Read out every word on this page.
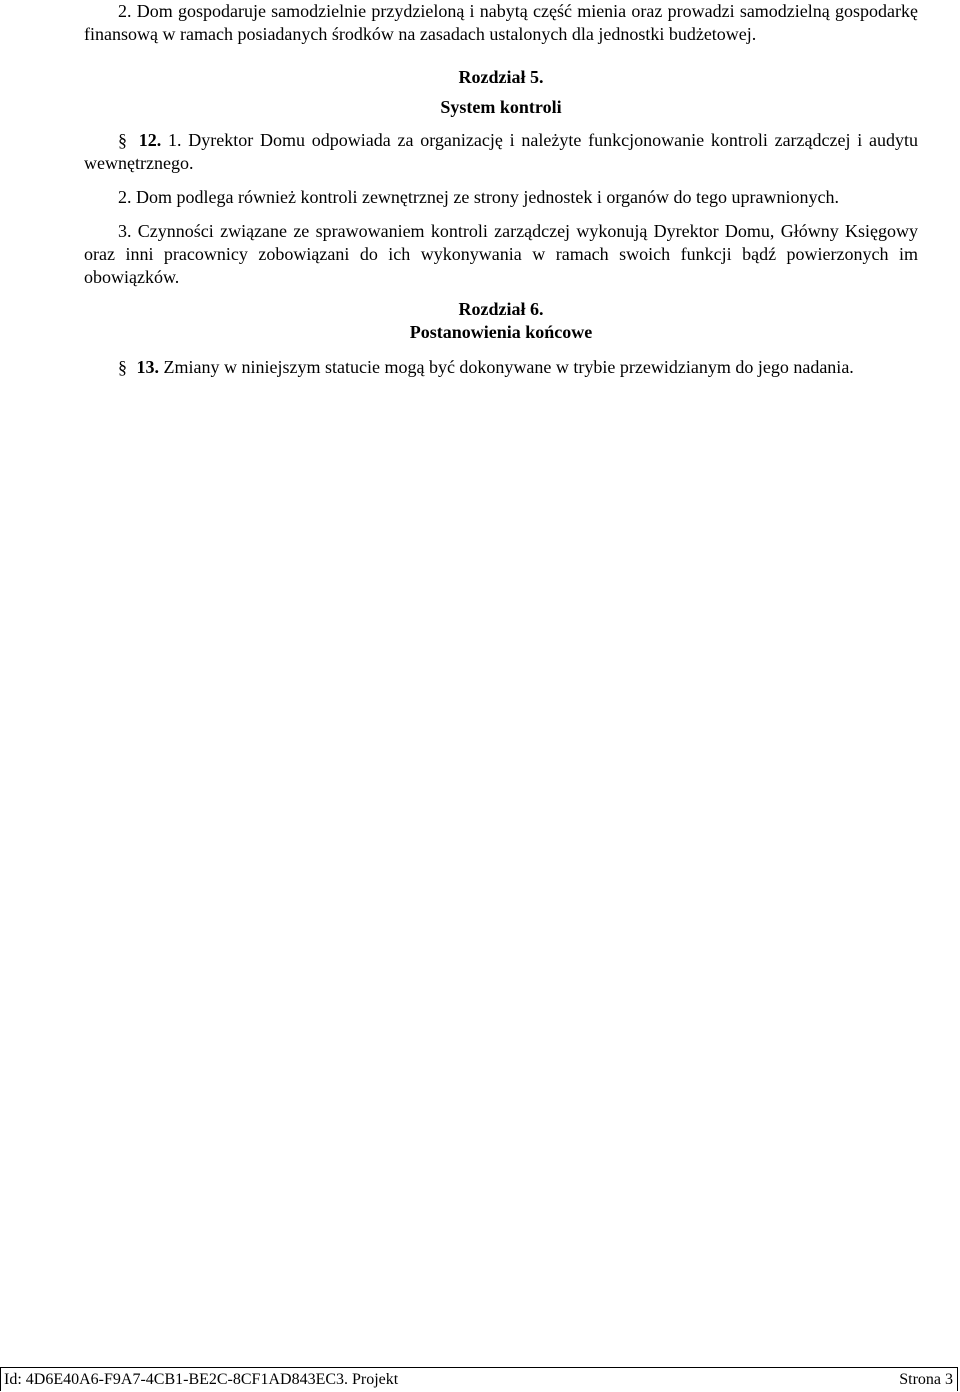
2. Dom gospodaruje samodzielnie przydzieloną i nabytą część mienia oraz prowadzi samodzielną gospodarkę finansową w ramach posiadanych środków na zasadach ustalonych dla jednostki budżetowej.

Rozdział 5.

System kontroli

§ 12. 1. Dyrektor Domu odpowiada za organizację i należyte funkcjonowanie kontroli zarządczej i audytu wewnętrznego.

2. Dom podlega również kontroli zewnętrznej ze strony jednostek i organów do tego uprawnionych.

3. Czynności związane ze sprawowaniem kontroli zarządczej wykonują Dyrektor Domu, Główny Księgowy oraz inni pracownicy zobowiązani do ich wykonywania w ramach swoich funkcji bądź powierzonych im obowiązków.

Rozdział 6.

Postanowienia końcowe

§ 13. Zmiany w niniejszym statucie mogą być dokonywane w trybie przewidzianym do jego nadania.

Id: 4D6E40A6-F9A7-4CB1-BE2C-8CF1AD843EC3. Projekt	Strona 3
